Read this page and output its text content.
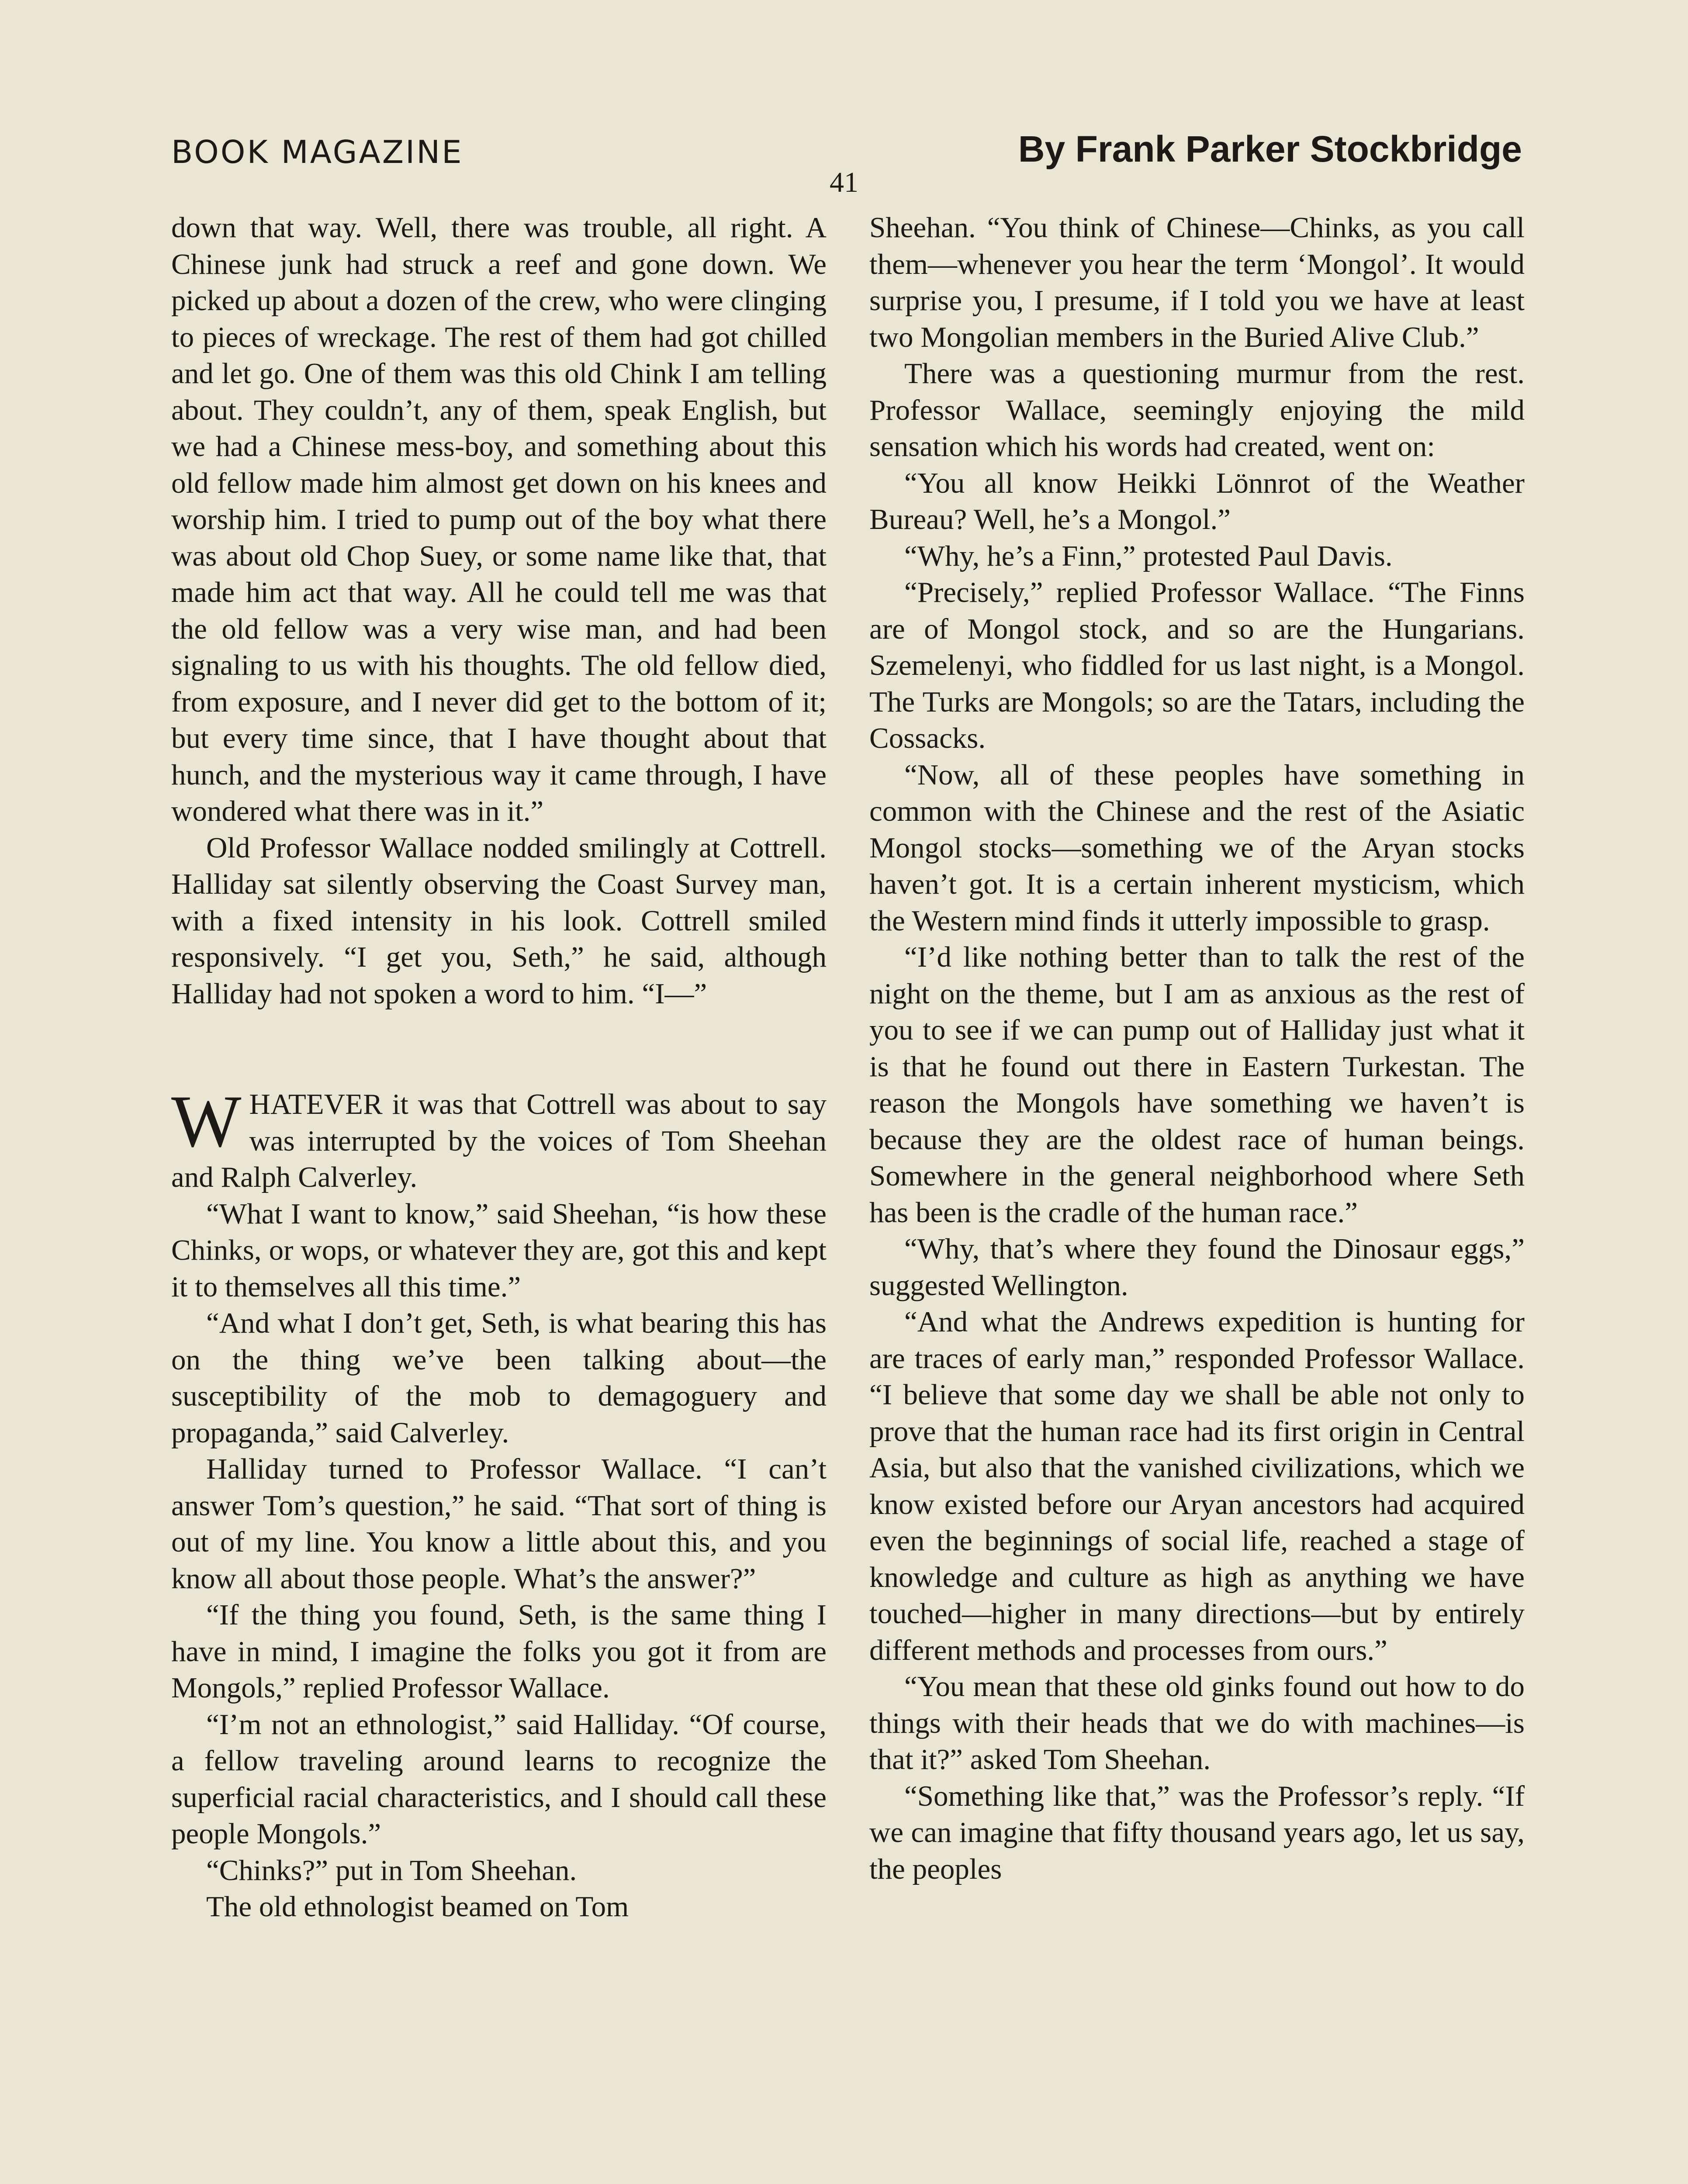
BOOK MAGAZINE	By Frank Parker Stockbridge
41

down that way. Well, there was trouble, all right. A Chinese junk had struck a reef and gone down. We picked up about a dozen of the crew, who were clinging to pieces of wreckage. The rest of them had got chilled and let go. One of them was this old Chink I am telling about. They couldn’t, any of them, speak English, but we had a Chinese mess-boy, and something about this old fellow made him almost get down on his knees and worship him. I tried to pump out of the boy what there was about old Chop Suey, or some name like that, that made him act that way. All he could tell me was that the old fellow was a very wise man, and had been signaling to us with his thoughts. The old fellow died, from exposure, and I never did get to the bottom of it; but every time since, that I have thought about that hunch, and the mysterious way it came through, I have wondered what there was in it.”

Old Professor Wallace nodded smilingly at Cottrell. Halliday sat silently observing the Coast Survey man, with a fixed intensity in his look. Cottrell smiled responsively. “I get you, Seth,” he said, although Halliday had not spoken a word to him. “I—”

WHATEVER it was that Cottrell was about to say was interrupted by the voices of Tom Sheehan and Ralph Calverley.

“What I want to know,” said Sheehan, “is how these Chinks, or wops, or whatever they are, got this and kept it to themselves all this time.”

“And what I don’t get, Seth, is what bearing this has on the thing we’ve been talking about—the susceptibility of the mob to demagoguery and propaganda,” said Calverley.

Halliday turned to Professor Wallace. “I can’t answer Tom’s question,” he said. “That sort of thing is out of my line. You know a little about this, and you know all about those people. What’s the answer?”

“If the thing you found, Seth, is the same thing I have in mind, I imagine the folks you got it from are Mongols,” replied Professor Wallace.

“I’m not an ethnologist,” said Halliday. “Of course, a fellow traveling around learns to recognize the superficial racial characteristics, and I should call these people Mongols.”

“Chinks?” put in Tom Sheehan.

The old ethnologist beamed on Tom

Sheehan. “You think of Chinese—Chinks, as you call them—whenever you hear the term ‘Mongol’. It would surprise you, I presume, if I told you we have at least two Mongolian members in the Buried Alive Club.”

There was a questioning murmur from the rest. Professor Wallace, seemingly enjoying the mild sensation which his words had created, went on:

“You all know Heikki Lönnrot of the Weather Bureau? Well, he’s a Mongol.”

“Why, he’s a Finn,” protested Paul Davis.

“Precisely,” replied Professor Wallace. “The Finns are of Mongol stock, and so are the Hungarians. Szemelenyi, who fiddled for us last night, is a Mongol. The Turks are Mongols; so are the Tatars, including the Cossacks.

“Now, all of these peoples have something in common with the Chinese and the rest of the Asiatic Mongol stocks—something we of the Aryan stocks haven’t got. It is a certain inherent mysticism, which the Western mind finds it utterly impossible to grasp.

“I’d like nothing better than to talk the rest of the night on the theme, but I am as anxious as the rest of you to see if we can pump out of Halliday just what it is that he found out there in Eastern Turkestan. The reason the Mongols have something we haven’t is because they are the oldest race of human beings. Somewhere in the general neighborhood where Seth has been is the cradle of the human race.”

“Why, that’s where they found the Dinosaur eggs,” suggested Wellington.

“And what the Andrews expedition is hunting for are traces of early man,” responded Professor Wallace. “I believe that some day we shall be able not only to prove that the human race had its first origin in Central Asia, but also that the vanished civilizations, which we know existed before our Aryan ancestors had acquired even the beginnings of social life, reached a stage of knowledge and culture as high as anything we have touched—higher in many directions—but by entirely different methods and processes from ours.”

“You mean that these old ginks found out how to do things with their heads that we do with machines—is that it?” asked Tom Sheehan.

“Something like that,” was the Professor’s reply. “If we can imagine that fifty thousand years ago, let us say, the peoples
